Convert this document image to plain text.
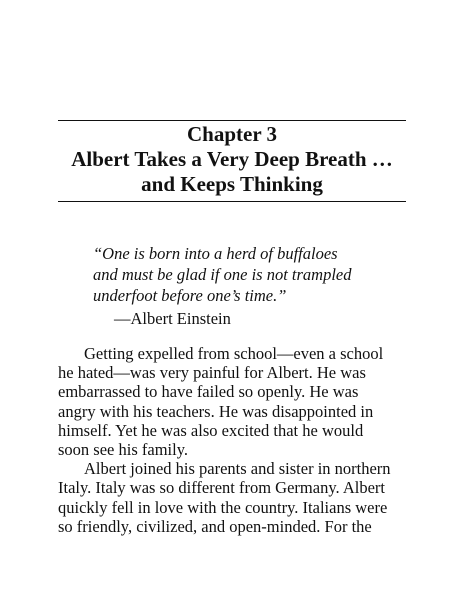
Chapter 3
Albert Takes a Very Deep Breath …
and Keeps Thinking
“One is born into a herd of buffaloes
and must be glad if one is not trampled
underfoot before one’s time.”
—Albert Einstein
Getting expelled from school—even a school
he hated—was very painful for Albert. He was
embarrassed to have failed so openly. He was
angry with his teachers. He was disappointed in
himself. Yet he was also excited that he would
soon see his family.
Albert joined his parents and sister in northern
Italy. Italy was so different from Germany. Albert
quickly fell in love with the country. Italians were
so friendly, civilized, and open-minded. For the
